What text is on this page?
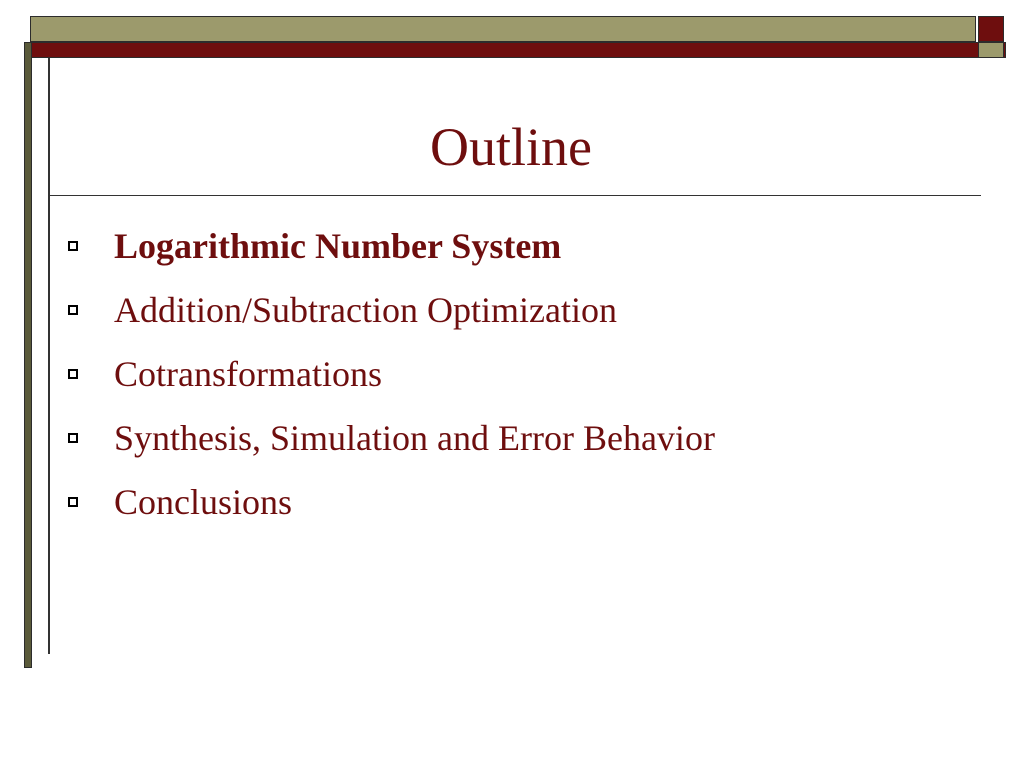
Outline
Logarithmic Number System
Addition/Subtraction Optimization
Cotransformations
Synthesis, Simulation and Error Behavior
Conclusions
